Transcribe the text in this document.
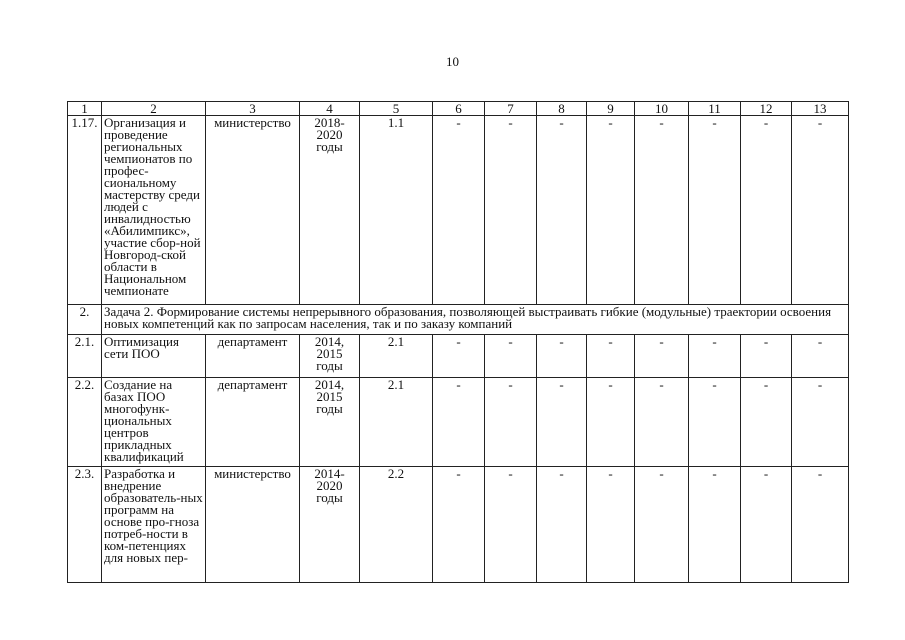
10
1	2	3	4	5	6	7	8	9	10	11	12	13
1.17.	Организация и проведение региональных чемпионатов по профес-сиональному мастерству среди людей с инвалидностью «Абилимпикс», участие сбор-ной Новгород-ской области в Национальном чемпионате	министерство	2018-2020 годы	1.1	-	-	-	-	-	-	-	-
2.	Задача 2. Формирование системы непрерывного образования, позволяющей выстраивать гибкие (модульные) траектории освоения новых компетенций как по запросам населения, так и по заказу компаний											
2.1.	Оптимизация сети ПОО	департамент	2014, 2015 годы	2.1	-	-	-	-	-	-	-	-
2.2.	Создание на базах ПОО многофунк-циональных центров прикладных квалификаций	департамент	2014, 2015 годы	2.1	-	-	-	-	-	-	-	-
2.3.	Разработка и внедрение образователь-ных программ на основе про-гноза потреб-ности в ком-петенциях для новых пер-	министерство	2014-2020 годы	2.2	-	-	-	-	-	-	-	-
